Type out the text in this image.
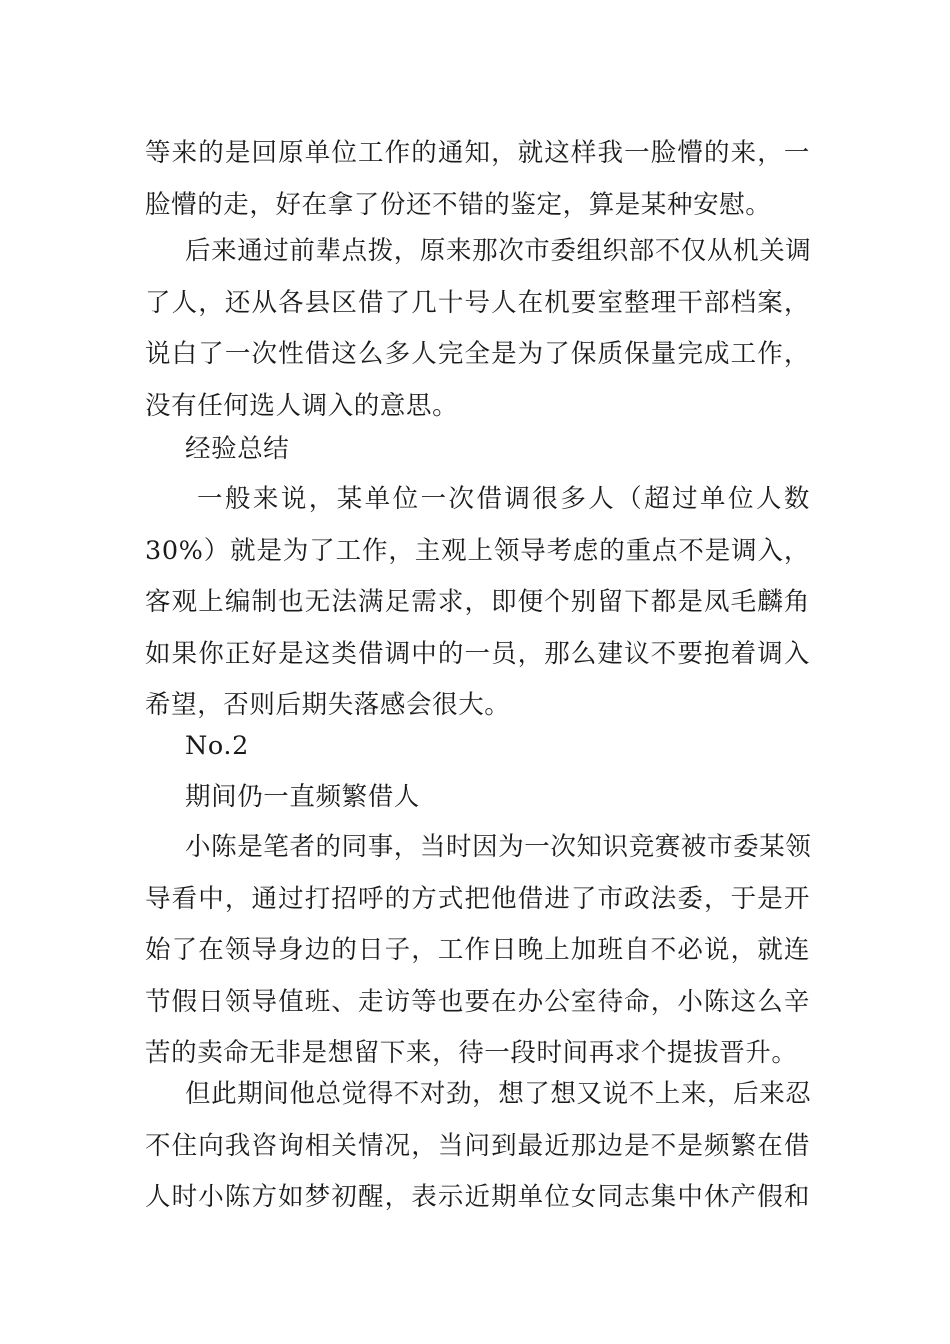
等来的是回原单位工作的通知，就这样我一脸懵的来，一
脸懵的走，好在拿了份还不错的鉴定，算是某种安慰。
后来通过前辈点拨，原来那次市委组织部不仅从机关调
了人，还从各县区借了几十号人在机要室整理干部档案，
说白了一次性借这么多人完全是为了保质保量完成工作，
没有任何选人调入的意思。
经验总结
一般来说，某单位一次借调很多人（超过单位人数
30%）就是为了工作，主观上领导考虑的重点不是调入，
客观上编制也无法满足需求，即便个别留下都是凤毛麟角
如果你正好是这类借调中的一员，那么建议不要抱着调入
希望，否则后期失落感会很大。
No.2
期间仍一直频繁借人
小陈是笔者的同事，当时因为一次知识竞赛被市委某领
导看中，通过打招呼的方式把他借进了市政法委，于是开
始了在领导身边的日子，工作日晚上加班自不必说，就连
节假日领导值班、走访等也要在办公室待命，小陈这么辛
苦的卖命无非是想留下来，待一段时间再求个提拔晋升。
但此期间他总觉得不对劲，想了想又说不上来，后来忍
不住向我咨询相关情况，当问到最近那边是不是频繁在借
人时小陈方如梦初醒，表示近期单位女同志集中休产假和
